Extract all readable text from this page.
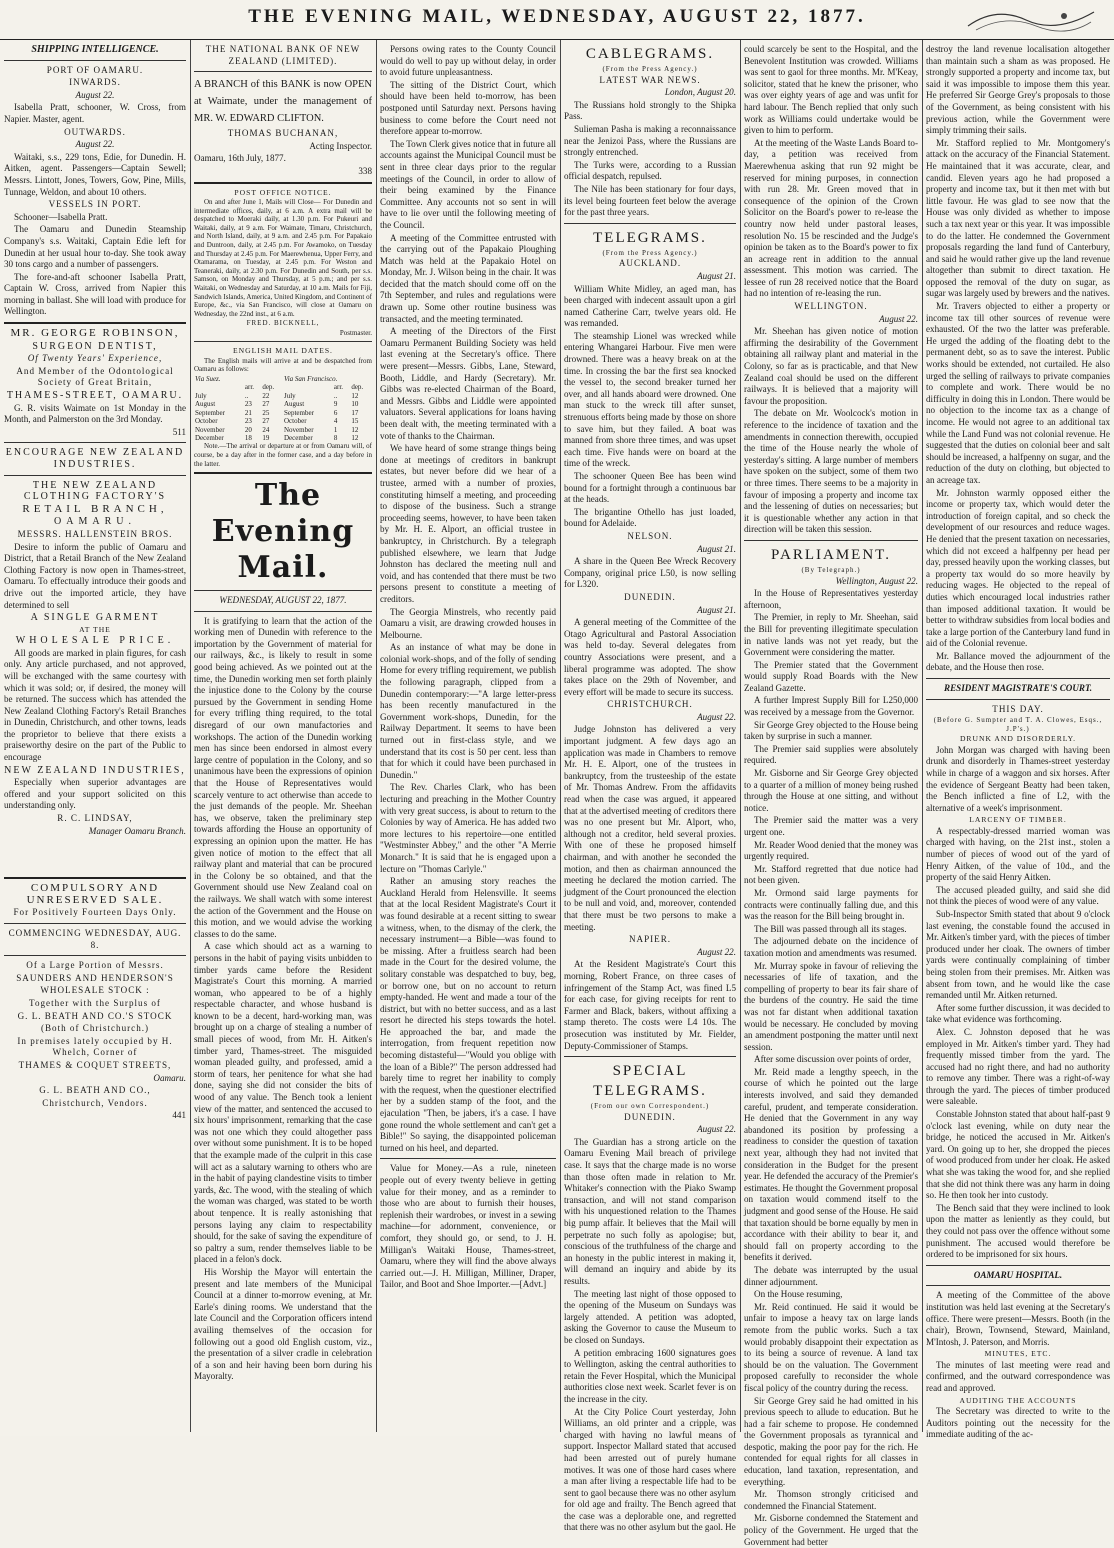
THE EVENING MAIL, WEDNESDAY, AUGUST 22, 1877.

SHIPPING INTELLIGENCE.

PORT OF OAMARU.

INWARDS.

August 22.

Isabella Pratt, schooner, W. Cross, from Napier. Master, agent.

OUTWARDS.

August 22.

Waitaki, s.s., 229 tons, Edie, for Dunedin. H. Aitken, agent. Passengers—Captain Sewell; Messrs. Lintott, Jones, Towers, Gow, Pine, Mills, Tunnage, Weldon, and about 10 others.

VESSELS IN PORT.

Schooner—Isabella Pratt.

The Oamaru and Dunedin Steamship Company's s.s. Waitaki, Captain Edie left for Dunedin at her usual hour to-day. She took away 30 tons cargo and a number of passengers.

The fore-and-aft schooner Isabella Pratt, Captain W. Cross, arrived from Napier this morning in ballast. She will load with produce for Wellington.

MR. GEORGE ROBINSON,

SURGEON DENTIST,

Of Twenty Years' Experience,

And Member of the Odontological Society of Great Britain,

THAMES-STREET, OAMARU.

G. R. visits Waimate on 1st Monday in the Month, and Palmerston on the 3rd Monday.

511

ENCOURAGE NEW ZEALAND INDUSTRIES.

THE NEW ZEALAND CLOTHING FACTORY'S

RETAIL BRANCH,

OAMARU.

MESSRS. HALLENSTEIN BROS.

Desire to inform the public of Oamaru and District, that a Retail Branch of the New Zealand Clothing Factory is now open in Thames-street, Oamaru. To effectually introduce their goods and drive out the imported article, they have determined to sell

A SINGLE GARMENT

AT THE

WHOLESALE PRICE.

All goods are marked in plain figures, for cash only. Any article purchased, and not approved, will be exchanged with the same courtesy with which it was sold; or, if desired, the money will be returned. The success which has attended the New Zealand Clothing Factory's Retail Branches in Dunedin, Christchurch, and other towns, leads the proprietor to believe that there exists a praiseworthy desire on the part of the Public to encourage

NEW ZEALAND INDUSTRIES,

Especially when superior advantages are offered and your support solicited on this understanding only.

R. C. LINDSAY,

Manager Oamaru Branch.

COMPULSORY AND UNRESERVED SALE.

For Positively Fourteen Days Only.

COMMENCING WEDNESDAY, AUG. 8.

Of a Large Portion of Messrs.

SAUNDERS AND HENDERSON'S

WHOLESALE STOCK :

Together with the Surplus of

G. L. BEATH AND CO.'S STOCK

(Both of Christchurch.)

In premises lately occupied by H. Whelch, Corner of

THAMES & COQUET STREETS,

Oamaru.

G. L. BEATH AND CO.,

Christchurch, Vendors.

441

THE NATIONAL BANK OF NEW ZEALAND (LIMITED).

A BRANCH of this BANK is now OPEN at Waimate, under the management of MR. W. EDWARD CLIFTON.

THOMAS BUCHANAN,

Acting Inspector.

Oamaru, 16th July, 1877.

338

POST OFFICE NOTICE.

On and after June 1, Mails will Close— For Dunedin and intermediate offices, daily, at 6 a.m. A extra mail will be despatched to Moeraki daily, at 1.30 p.m. For Pukeuri and Waitaki, daily, at 9 a.m. For Waimate, Timaru, Christchurch, and North Island, daily, at 9 a.m. and 2.45 p.m. For Papakaio and Duntroon, daily, at 2.45 p.m. For Awamoko, on Tuesday and Thursday at 2.45 p.m. For Maerewhenua, Upper Ferry, and Otamarama, on Tuesday, at 2.45 p.m. For Weston and Teaneraki, daily, at 2.30 p.m. For Dunedin and South, per s.s. Samson, on Monday and Thursday, at 5 p.m.; and per s.s. Waitaki, on Wednesday and Saturday, at 10 a.m. Mails for Fiji, Sandwich Islands, America, United Kingdom, and Continent of Europe, &c., via San Francisco, will close at Oamaru on Wednesday, the 22nd inst., at 6 a.m.

FRED. BICKNELL,

Postmaster.

ENGLISH MAIL DATES.

The English mails will arrive at and be despatched from Oamaru as follows:

Via Suez.			Via San Francisco.		
	arr.	dep.		arr.	dep.
July	..	22	July	..	12
August	23	27	August	9	10
September	21	25	September	6	17
October	23	27	October	4	15
November	20	24	November	1	12
December	18	19	December	8	12

Note.—The arrival or departure at or from Oamaru will, of course, be a day after in the former case, and a day before in the latter.

The Evening Mail.

WEDNESDAY, AUGUST 22, 1877.

It is gratifying to learn that the action of the working men of Dunedin with reference to the importation by the Government of material for our railways, &c., is likely to result in some good being achieved. As we pointed out at the time, the Dunedin working men set forth plainly the injustice done to the Colony by the course pursued by the Government in sending Home for every trifling thing required, to the total disregard of our own manufactories and workshops. The action of the Dunedin working men has since been endorsed in almost every large centre of population in the Colony, and so unanimous have been the expressions of opinion that the House of Representatives would scarcely venture to act otherwise than accede to the just demands of the people. Mr. Sheehan has, we observe, taken the preliminary step towards affording the House an opportunity of expressing an opinion upon the matter. He has given notice of motion to the effect that all railway plant and material that can be procured in the Colony be so obtained, and that the Government should use New Zealand coal on the railways. We shall watch with some interest the action of the Government and the House on this motion, and we would advise the working classes to do the same.

A case which should act as a warning to persons in the habit of paying visits unbidden to timber yards came before the Resident Magistrate's Court this morning. A married woman, who appeared to be of a highly respectable character, and whose husband is known to be a decent, hard-working man, was brought up on a charge of stealing a number of small pieces of wood, from Mr. H. Aitken's timber yard, Thames-street. The misguided woman pleaded guilty, and professed, amid a storm of tears, her penitence for what she had done, saying she did not consider the bits of wood of any value. The Bench took a lenient view of the matter, and sentenced the accused to six hours' imprisonment, remarking that the case was not one which they could altogether pass over without some punishment. It is to be hoped that the example made of the culprit in this case will act as a salutary warning to others who are in the habit of paying clandestine visits to timber yards, &c. The wood, with the stealing of which the woman was charged, was stated to be worth about tenpence. It is really astonishing that persons laying any claim to respectability should, for the sake of saving the expenditure of so paltry a sum, render themselves liable to be placed in a felon's dock.

His Worship the Mayor will entertain the present and late members of the Municipal Council at a dinner to-morrow evening, at Mr. Earle's dining rooms. We understand that the late Council and the Corporation officers intend availing themselves of the occasion for following out a good old English custom, viz., the presentation of a silver cradle in celebration of a son and heir having been born during his Mayoralty.

Persons owing rates to the County Council would do well to pay up without delay, in order to avoid future unpleasantness.

The sitting of the District Court, which should have been held to-morrow, has been postponed until Saturday next. Persons having business to come before the Court need not therefore appear to-morrow.

The Town Clerk gives notice that in future all accounts against the Municipal Council must be sent in three clear days prior to the regular meetings of the Council, in order to allow of their being examined by the Finance Committee. Any accounts not so sent in will have to lie over until the following meeting of the Council.

A meeting of the Committee entrusted with the carrying out of the Papakaio Ploughing Match was held at the Papakaio Hotel on Monday, Mr. J. Wilson being in the chair. It was decided that the match should come off on the 7th September, and rules and regulations were drawn up. Some other routine business was transacted, and the meeting terminated.

A meeting of the Directors of the First Oamaru Permanent Building Society was held last evening at the Secretary's office. There were present—Messrs. Gibbs, Lane, Steward, Booth, Liddle, and Hardy (Secretary). Mr. Gibbs was re-elected Chairman of the Board, and Messrs. Gibbs and Liddle were appointed valuators. Several applications for loans having been dealt with, the meeting terminated with a vote of thanks to the Chairman.

We have heard of some strange things being done at meetings of creditors in bankrupt estates, but never before did we hear of a trustee, armed with a number of proxies, constituting himself a meeting, and proceeding to dispose of the business. Such a strange proceeding seems, however, to have been taken by Mr. H. E. Alport, an official trustee in bankruptcy, in Christchurch. By a telegraph published elsewhere, we learn that Judge Johnston has declared the meeting null and void, and has contended that there must be two persons present to constitute a meeting of creditors.

The Georgia Minstrels, who recently paid Oamaru a visit, are drawing crowded houses in Melbourne.

As an instance of what may be done in colonial work-shops, and of the folly of sending Home for every trifling requirement, we publish the following paragraph, clipped from a Dunedin contemporary:—"A large letter-press has been recently manufactured in the Government work-shops, Dunedin, for the Railway Department. It seems to have been turned out in first-class style, and we understand that its cost is 50 per cent. less than that for which it could have been purchased in Dunedin."

The Rev. Charles Clark, who has been lecturing and preaching in the Mother Country with very great success, is about to return to the Colonies by way of America. He has added two more lectures to his repertoire—one entitled "Westminster Abbey," and the other "A Merrie Monarch." It is said that he is engaged upon a lecture on "Thomas Carlyle."

Rather an amusing story reaches the Auckland Herald from Helensville. It seems that at the local Resident Magistrate's Court it was found desirable at a recent sitting to swear a witness, when, to the dismay of the clerk, the necessary instrument—a Bible—was found to be missing. After a fruitless search had been made in the Court for the desired volume, the solitary constable was despatched to buy, beg, or borrow one, but on no account to return empty-handed. He went and made a tour of the district, but with no better success, and as a last resort he directed his steps towards the hotel. He approached the bar, and made the interrogation, from frequent repetition now becoming distasteful—"Would you oblige with the loan of a Bible?" The person addressed had barely time to regret her inability to comply with the request, when the questioner electrified her by a sudden stamp of the foot, and the ejaculation "Then, be jabers, it's a case. I have gone round the whole settlement and can't get a Bible!" So saying, the disappointed policeman turned on his heel, and departed.

Value for Money.—As a rule, nineteen people out of every twenty believe in getting value for their money, and as a reminder to those who are about to furnish their houses, replenish their wardrobes, or invest in a sewing machine—for adornment, convenience, or comfort, they should go, or send, to J. H. Milligan's Waitaki House, Thames-street, Oamaru, where they will find the above always carried out.—J. H. Milligan, Milliner, Draper, Tailor, and Boot and Shoe Importer.—[Advt.]

CABLEGRAMS.

(From the Press Agency.)

LATEST WAR NEWS.

London, August 20.

The Russians hold strongly to the Shipka Pass.

Sulieman Pasha is making a reconnaissance near the Jenizoi Pass, where the Russians are strongly entrenched.

The Turks were, according to a Russian official despatch, repulsed.

The Nile has been stationary for four days, its level being fourteen feet below the average for the past three years.

TELEGRAMS.

(From the Press Agency.)

AUCKLAND.

August 21.

William White Midley, an aged man, has been charged with indecent assault upon a girl named Catherine Carr, twelve years old. He was remanded.

The steamship Lionel was wrecked while entering Whangarei Harbour. Five men were drowned. There was a heavy break on at the time. In crossing the bar the first sea knocked the vessel to, the second breaker turned her over, and all hands aboard were drowned. One man stuck to the wreck till after sunset, strenuous efforts being made by those on shore to save him, but they failed. A boat was manned from shore three times, and was upset each time. Five hands were on board at the time of the wreck.

The schooner Queen Bee has been wind bound for a fortnight through a continuous bar at the heads.

The brigantine Othello has just loaded, bound for Adelaide.

NELSON.

August 21.

A share in the Queen Bee Wreck Recovery Company, original price L50, is now selling for L320.

DUNEDIN.

August 21.

A general meeting of the Committee of the Otago Agricultural and Pastoral Association was held to-day. Several delegates from country Associations were present, and a liberal programme was adopted. The show takes place on the 29th of November, and every effort will be made to secure its success.

CHRISTCHURCH.

August 22.

Judge Johnston has delivered a very important judgment. A few days ago an application was made in Chambers to remove Mr. H. E. Alport, one of the trustees in bankruptcy, from the trusteeship of the estate of Mr. Thomas Andrew. From the affidavits read when the case was argued, it appeared that at the advertised meeting of creditors there was no one present but Mr. Alport, who, although not a creditor, held several proxies. With one of these he proposed himself chairman, and with another he seconded the motion, and then as chairman announced the meeting he declared the motion carried. The judgment of the Court pronounced the election to be null and void, and, moreover, contended that there must be two persons to make a meeting.

NAPIER.

August 22.

At the Resident Magistrate's Court this morning, Robert France, on three cases of infringement of the Stamp Act, was fined L5 for each case, for giving receipts for rent to Farmer and Black, bakers, without affixing a stamp thereto. The costs were L4 10s. The prosecution was instituted by Mr. Fielder, Deputy-Commissioner of Stamps.

SPECIAL TELEGRAMS.

(From our own Correspondent.)

DUNEDIN.

August 22.

The Guardian has a strong article on the Oamaru Evening Mail breach of privilege case. It says that the charge made is no worse than those often made in relation to Mr. Whitaker's connection with the Piako Swamp transaction, and will not stand comparison with his unquestioned relation to the Thames big pump affair. It believes that the Mail will perpetrate no such folly as apologise; but, conscious of the truthfulness of the charge and an honesty in the public interest in making it, will demand an inquiry and abide by its results.

The meeting last night of those opposed to the opening of the Museum on Sundays was largely attended. A petition was adopted, asking the Governor to cause the Museum to be closed on Sundays.

A petition embracing 1600 signatures goes to Wellington, asking the central authorities to retain the Fever Hospital, which the Municipal authorities close next week. Scarlet fever is on the increase in the city.

At the City Police Court yesterday, John Williams, an old printer and a cripple, was charged with having no lawful means of support. Inspector Mallard stated that accused had been arrested out of purely humane motives. It was one of those hard cases where a man after living a respectable life had to be sent to gaol because there was no other asylum for old age and frailty. The Bench agreed that the case was a deplorable one, and regretted that there was no other asylum but the gaol. He

could scarcely be sent to the Hospital, and the Benevolent Institution was crowded. Williams was sent to gaol for three months. Mr. M'Keay, solicitor, stated that he knew the prisoner, who was over eighty years of age and was unfit for hard labour. The Bench replied that only such work as Williams could undertake would be given to him to perform.

At the meeting of the Waste Lands Board to-day, a petition was received from Maerewhenua asking that run 92 might be reserved for mining purposes, in connection with run 28. Mr. Green moved that in consequence of the opinion of the Crown Solicitor on the Board's power to re-lease the country now held under pastoral leases, resolution No. 15 be rescinded and the Judge's opinion be taken as to the Board's power to fix an acreage rent in addition to the annual assessment. This motion was carried. The lessee of run 28 received notice that the Board had no intention of re-leasing the run.

WELLINGTON.

August 22.

Mr. Sheehan has given notice of motion affirming the desirability of the Government obtaining all railway plant and material in the Colony, so far as is practicable, and that New Zealand coal should be used on the different railways. It is believed that a majority will favour the proposition.

The debate on Mr. Woolcock's motion in reference to the incidence of taxation and the amendments in connection therewith, occupied the time of the House nearly the whole of yesterday's sitting. A large number of members have spoken on the subject, some of them two or three times. There seems to be a majority in favour of imposing a property and income tax and the lessening of duties on necessaries; but it is questionable whether any action in that direction will be taken this session.

PARLIAMENT.

(By Telegraph.)

Wellington, August 22.

In the House of Representatives yesterday afternoon,

The Premier, in reply to Mr. Sheehan, said the Bill for preventing illegitimate speculation in native lands was not yet ready, but the Government were considering the matter.

The Premier stated that the Government would supply Road Boards with the New Zealand Gazette.

A further Imprest Supply Bill for L250,000 was received by a message from the Governor.

Sir George Grey objected to the House being taken by surprise in such a manner.

The Premier said supplies were absolutely required.

Mr. Gisborne and Sir George Grey objected to a quarter of a million of money being rushed through the House at one sitting, and without notice.

The Premier said the matter was a very urgent one.

Mr. Reader Wood denied that the money was urgently required.

Mr. Stafford regretted that due notice had not been given.

Mr. Ormond said large payments for contracts were continually falling due, and this was the reason for the Bill being brought in.

The Bill was passed through all its stages.

The adjourned debate on the incidence of taxation motion and amendments was resumed.

Mr. Murray spoke in favour of relieving the necessaries of life of taxation, and the compelling of property to bear its fair share of the burdens of the country. He said the time was not far distant when additional taxation would be necessary. He concluded by moving an amendment postponing the matter until next session.

After some discussion over points of order,

Mr. Reid made a lengthy speech, in the course of which he pointed out the large interests involved, and said they demanded careful, prudent, and temperate consideration. He denied that the Government in any way abandoned its position by professing a readiness to consider the question of taxation next year, although they had not invited that consideration in the Budget for the present year. He defended the accuracy of the Premier's estimates. He thought the Government proposal on taxation would commend itself to the judgment and good sense of the House. He said that taxation should be borne equally by men in accordance with their ability to bear it, and should fall on property according to the benefits it derived.

The debate was interrupted by the usual dinner adjournment.

On the House resuming,

Mr. Reid continued. He said it would be unfair to impose a heavy tax on large lands remote from the public works. Such a tax would probably disappoint their expectation as to its being a source of revenue. A land tax should be on the valuation. The Government proposed carefully to reconsider the whole fiscal policy of the country during the recess.

Sir George Grey said he had omitted in his previous speech to allude to education. But he had a fair scheme to propose. He condemned the Government proposals as tyrannical and despotic, making the poor pay for the rich. He contended for equal rights for all classes in education, land taxation, representation, and everything.

Mr. Thomson strongly criticised and condemned the Financial Statement.

Mr. Gisborne condemned the Statement and policy of the Government. He urged that the Government had better

destroy the land revenue localisation altogether than maintain such a sham as was proposed. He strongly supported a property and income tax, but said it was impossible to impose them this year. He preferred Sir George Grey's proposals to those of the Government, as being consistent with his previous action, while the Government were simply trimming their sails.

Mr. Stafford replied to Mr. Montgomery's attack on the accuracy of the Financial Statement. He maintained that it was accurate, clear, and candid. Eleven years ago he had proposed a property and income tax, but it then met with but little favour. He was glad to see now that the House was only divided as whether to impose such a tax next year or this year. It was impossible to do the latter. He condemned the Government proposals regarding the land fund of Canterbury, and said he would rather give up the land revenue altogether than submit to direct taxation. He opposed the removal of the duty on sugar, as sugar was largely used by brewers and the natives.

Mr. Travers objected to either a property or income tax till other sources of revenue were exhausted. Of the two the latter was preferable. He urged the adding of the floating debt to the permanent debt, so as to save the interest. Public works should be extended, not curtailed. He also urged the selling of railways to private companies to complete and work. There would be no difficulty in doing this in London. There would be no objection to the income tax as a change of income. He would not agree to an additional tax while the Land Fund was not colonial revenue. He suggested that the duties on colonial beer and salt should be increased, a halfpenny on sugar, and the reduction of the duty on clothing, but objected to an acreage tax.

Mr. Johnston warmly opposed either the income or property tax, which would deter the introduction of foreign capital, and so check the development of our resources and reduce wages. He denied that the present taxation on necessaries, which did not exceed a halfpenny per head per day, pressed heavily upon the working classes, but a property tax would do so more heavily by reducing wages. He objected to the repeal of duties which encouraged local industries rather than imposed additional taxation. It would be better to withdraw subsidies from local bodies and take a large portion of the Canterbury land fund in aid of the Colonial revenue.

Mr. Ballance moved the adjournment of the debate, and the House then rose.

RESIDENT MAGISTRATE'S COURT.

THIS DAY.

(Before G. Sumpter and T. A. Clowes, Esqs., J.P's.)

DRUNK AND DISORDERLY.

John Morgan was charged with having been drunk and disorderly in Thames-street yesterday while in charge of a waggon and six horses. After the evidence of Sergeant Beatty had been taken, the Bench inflicted a fine of L2, with the alternative of a week's imprisonment.

LARCENY OF TIMBER.

A respectably-dressed married woman was charged with having, on the 21st inst., stolen a number of pieces of wood out of the yard of Henry Aitken, of the value of 10d., and the property of the said Henry Aitken.

The accused pleaded guilty, and said she did not think the pieces of wood were of any value.

Sub-Inspector Smith stated that about 9 o'clock last evening, the constable found the accused in Mr. Aitken's timber yard, with the pieces of timber produced under her cloak. The owners of timber yards were continually complaining of timber being stolen from their premises. Mr. Aitken was absent from town, and he would like the case remanded until Mr. Aitken returned.

After some further discussion, it was decided to take what evidence was forthcoming.

Alex. C. Johnston deposed that he was employed in Mr. Aitken's timber yard. They had frequently missed timber from the yard. The accused had no right there, and had no authority to remove any timber. There was a right-of-way through the yard. The pieces of timber produced were saleable.

Constable Johnston stated that about half-past 9 o'clock last evening, while on duty near the bridge, he noticed the accused in Mr. Aitken's yard. On going up to her, she dropped the pieces of wood produced from under her cloak. He asked what she was taking the wood for, and she replied that she did not think there was any harm in doing so. He then took her into custody.

The Bench said that they were inclined to look upon the matter as leniently as they could, but they could not pass over the offence without some punishment. The accused would therefore be ordered to be imprisoned for six hours.

OAMARU HOSPITAL.

A meeting of the Committee of the above institution was held last evening at the Secretary's office. There were present—Messrs. Booth (in the chair), Brown, Townsend, Steward, Mainland, M'Intosh, J. Paterson, and Morris.

MINUTES, ETC.

The minutes of last meeting were read and confirmed, and the outward correspondence was read and approved.

AUDITING THE ACCOUNTS

The Secretary was directed to write to the Auditors pointing out the necessity for the immediate auditing of the ac-
